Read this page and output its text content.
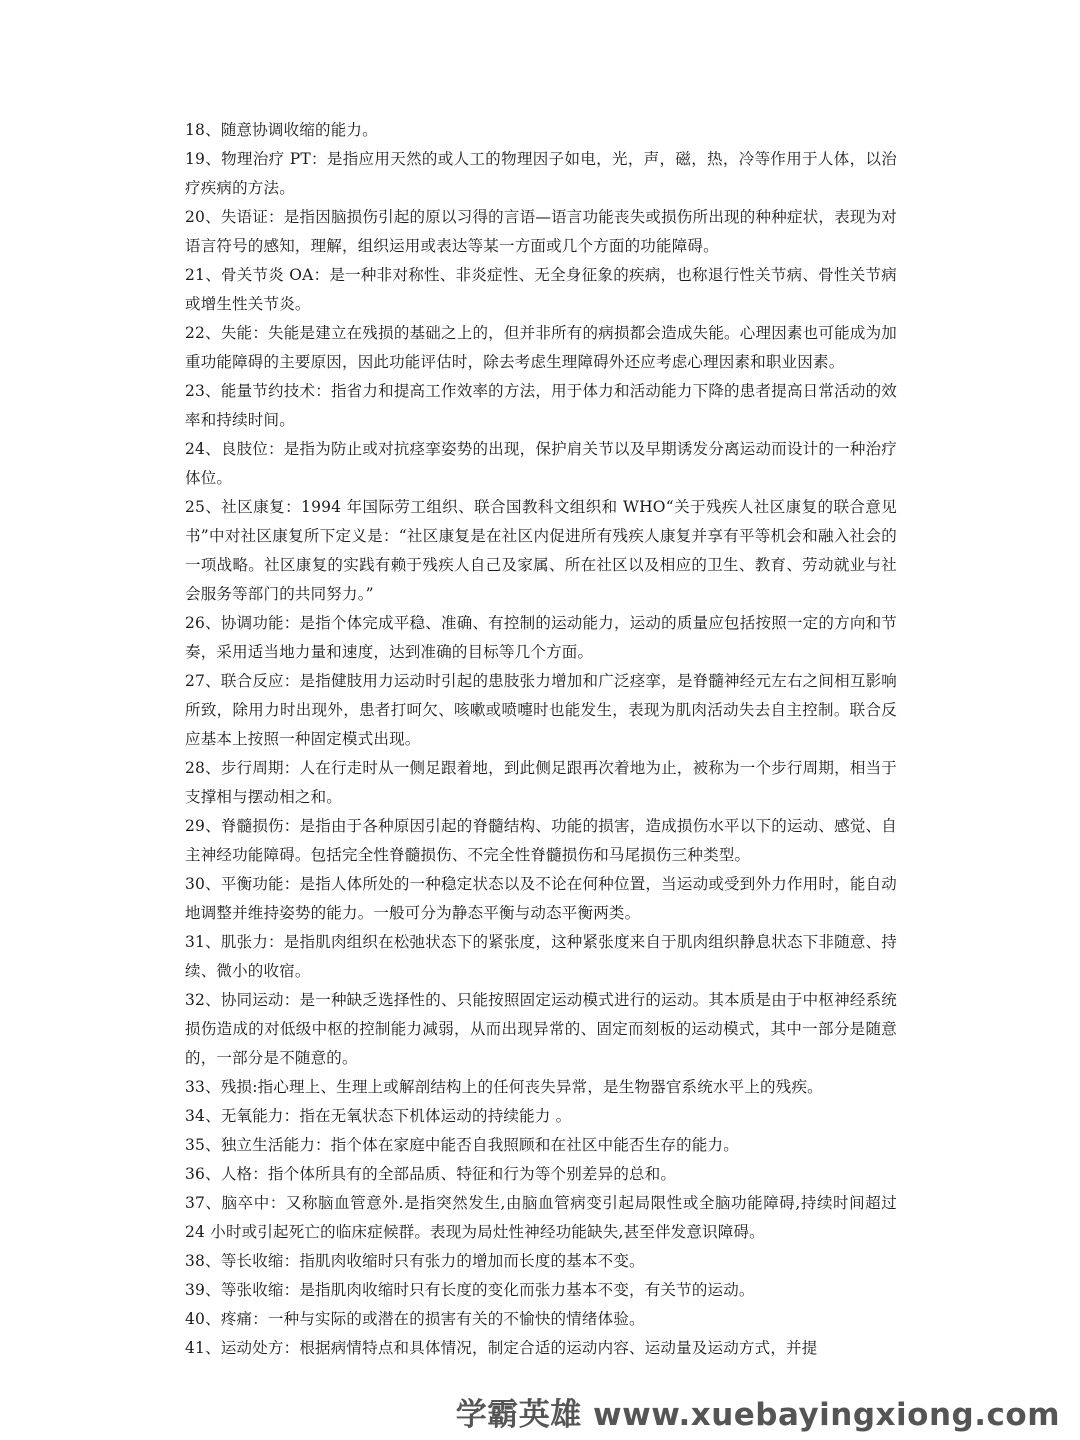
18、随意协调收缩的能力。

19、物理治疗 PT：是指应用天然的或人工的物理因子如电，光，声，磁，热，冷等作用于人体，以治疗疾病的方法。

20、失语证：是指因脑损伤引起的原以习得的言语—语言功能丧失或损伤所出现的种种症状，表现为对语言符号的感知，理解，组织运用或表达等某一方面或几个方面的功能障碍。

21、骨关节炎 OA：是一种非对称性、非炎症性、无全身征象的疾病，也称退行性关节病、骨性关节病或增生性关节炎。

22、失能：失能是建立在残损的基础之上的，但并非所有的病损都会造成失能。心理因素也可能成为加重功能障碍的主要原因，因此功能评估时，除去考虑生理障碍外还应考虑心理因素和职业因素。

23、能量节约技术：指省力和提高工作效率的方法，用于体力和活动能力下降的患者提高日常活动的效率和持续时间。

24、良肢位：是指为防止或对抗痉挛姿势的出现，保护肩关节以及早期诱发分离运动而设计的一种治疗体位。

25、社区康复：1994 年国际劳工组织、联合国教科文组织和 WHO“关于残疾人社区康复的联合意见书”中对社区康复所下定义是：“社区康复是在社区内促进所有残疾人康复并享有平等机会和融入社会的一项战略。社区康复的实践有赖于残疾人自己及家属、所在社区以及相应的卫生、教育、劳动就业与社会服务等部门的共同努力。”

26、协调功能：是指个体完成平稳、准确、有控制的运动能力，运动的质量应包括按照一定的方向和节奏，采用适当地力量和速度，达到准确的目标等几个方面。

27、联合反应：是指健肢用力运动时引起的患肢张力增加和广泛痉挛，是脊髓神经元左右之间相互影响所致，除用力时出现外，患者打呵欠、咳嗽或喷嚏时也能发生，表现为肌肉活动失去自主控制。联合反应基本上按照一种固定模式出现。

28、步行周期：人在行走时从一侧足跟着地，到此侧足跟再次着地为止，被称为一个步行周期，相当于支撑相与摆动相之和。

29、脊髓损伤：是指由于各种原因引起的脊髓结构、功能的损害，造成损伤水平以下的运动、感觉、自主神经功能障碍。包括完全性脊髓损伤、不完全性脊髓损伤和马尾损伤三种类型。

30、平衡功能：是指人体所处的一种稳定状态以及不论在何种位置，当运动或受到外力作用时，能自动地调整并维持姿势的能力。一般可分为静态平衡与动态平衡两类。

31、肌张力：是指肌肉组织在松弛状态下的紧张度，这种紧张度来自于肌肉组织静息状态下非随意、持续、微小的收宿。

32、协同运动：是一种缺乏选择性的、只能按照固定运动模式进行的运动。其本质是由于中枢神经系统损伤造成的对低级中枢的控制能力减弱，从而出现异常的、固定而刻板的运动模式，其中一部分是随意的，一部分是不随意的。

33、残损:指心理上、生理上或解剖结构上的任何丧失异常，是生物器官系统水平上的残疾。

34、无氧能力：指在无氧状态下机体运动的持续能力 。

35、独立生活能力：指个体在家庭中能否自我照顾和在社区中能否生存的能力。

36、人格：指个体所具有的全部品质、特征和行为等个别差异的总和。

37、脑卒中：又称脑血管意外.是指突然发生,由脑血管病变引起局限性或全脑功能障碍,持续时间超过 24 小时或引起死亡的临床症候群。表现为局灶性神经功能缺失,甚至伴发意识障碍。

38、等长收缩：指肌肉收缩时只有张力的增加而长度的基本不变。

39、等张收缩：是指肌肉收缩时只有长度的变化而张力基本不变，有关节的运动。

40、疼痛：一种与实际的或潜在的损害有关的不愉快的情绪体验。

41、运动处方：根据病情特点和具体情况，制定合适的运动内容、运动量及运动方式，并提

学霸英雄 www.xuebayingxiong.com
